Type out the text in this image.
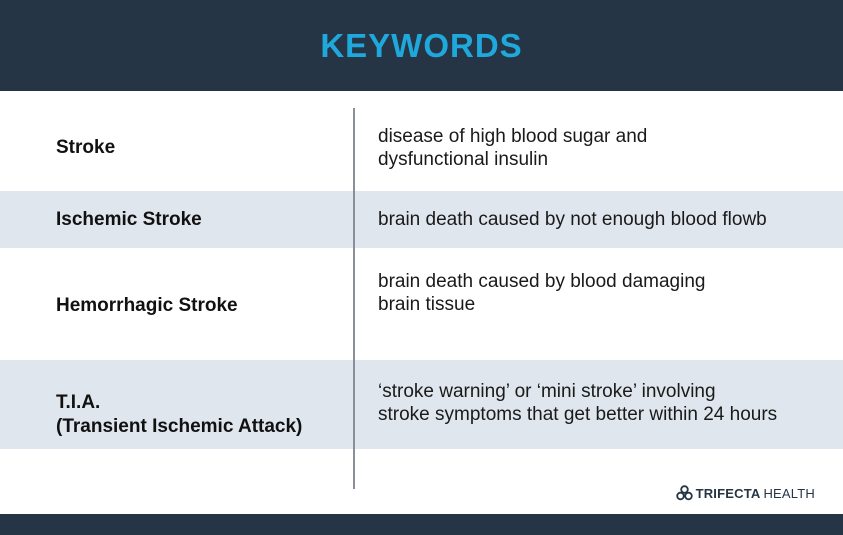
KEYWORDS
Stroke
disease of high blood sugar and
dysfunctional insulin
Ischemic Stroke	brain death caused by not enough blood flowb
Hemorrhagic Stroke
brain death caused by blood damaging
brain tissue
T.I.A.
(Transient Ischemic Attack)
‘stroke warning’ or ‘mini stroke’ involving
stroke symptoms that get better within 24 hours
TRIFECTA HEALTH
